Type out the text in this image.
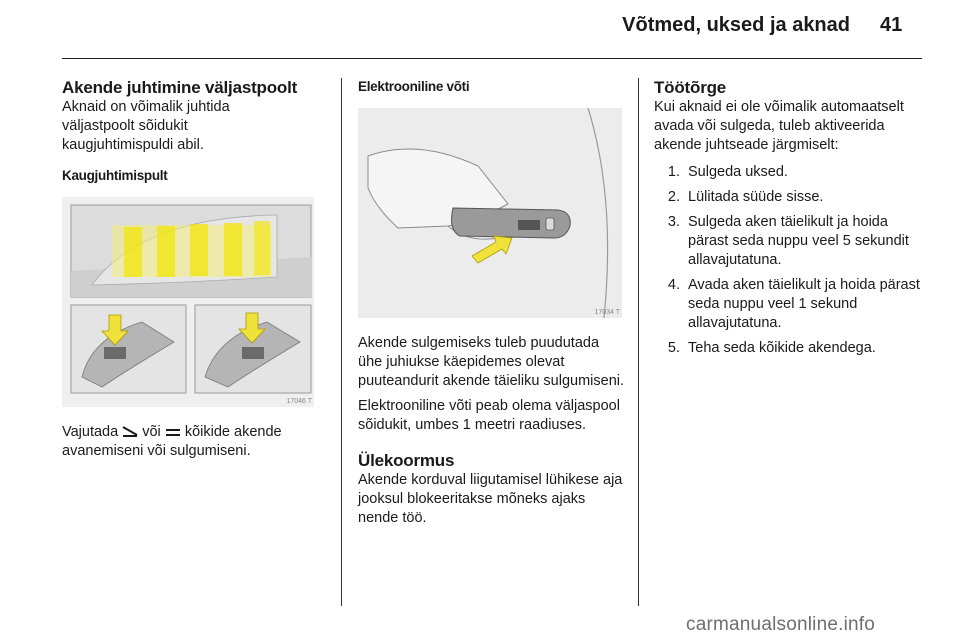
Võtmed, uksed ja aknad 41
Akende juhtimine väljastpoolt

Aknaid on võimalik juhtida väljastpoolt sõidukit kaugjuhtimispuldi abil.

Kaugjuhtimispult
17046 T

Vajutada või kõikide akende avanemiseni või sulgumiseni.

Elektrooniline võti
17034 T

Akende sulgemiseks tuleb puudutada ühe juhiukse käepidemes olevat puuteandurit akende täieliku sulgumiseni.

Elektrooniline võti peab olema väljaspool sõidukit, umbes 1 meetri raadiuses.

Ülekoormus

Akende korduval liigutamisel lühikese aja jooksul blokeeritakse mõneks ajaks nende töö.

Töötõrge

Kui aknaid ei ole võimalik automaatselt avada või sulgeda, tuleb aktiveerida akende juhtseade järgmiselt:

1. Sulgeda uksed.
2. Lülitada süüde sisse.
3. Sulgeda aken täielikult ja hoida pärast seda nuppu veel 5 sekundit allavajutatuna.
4. Avada aken täielikult ja hoida pärast seda nuppu veel 1 sekund allavajutatuna.
5. Teha seda kõikide akendega.
carmanualsonline.info
